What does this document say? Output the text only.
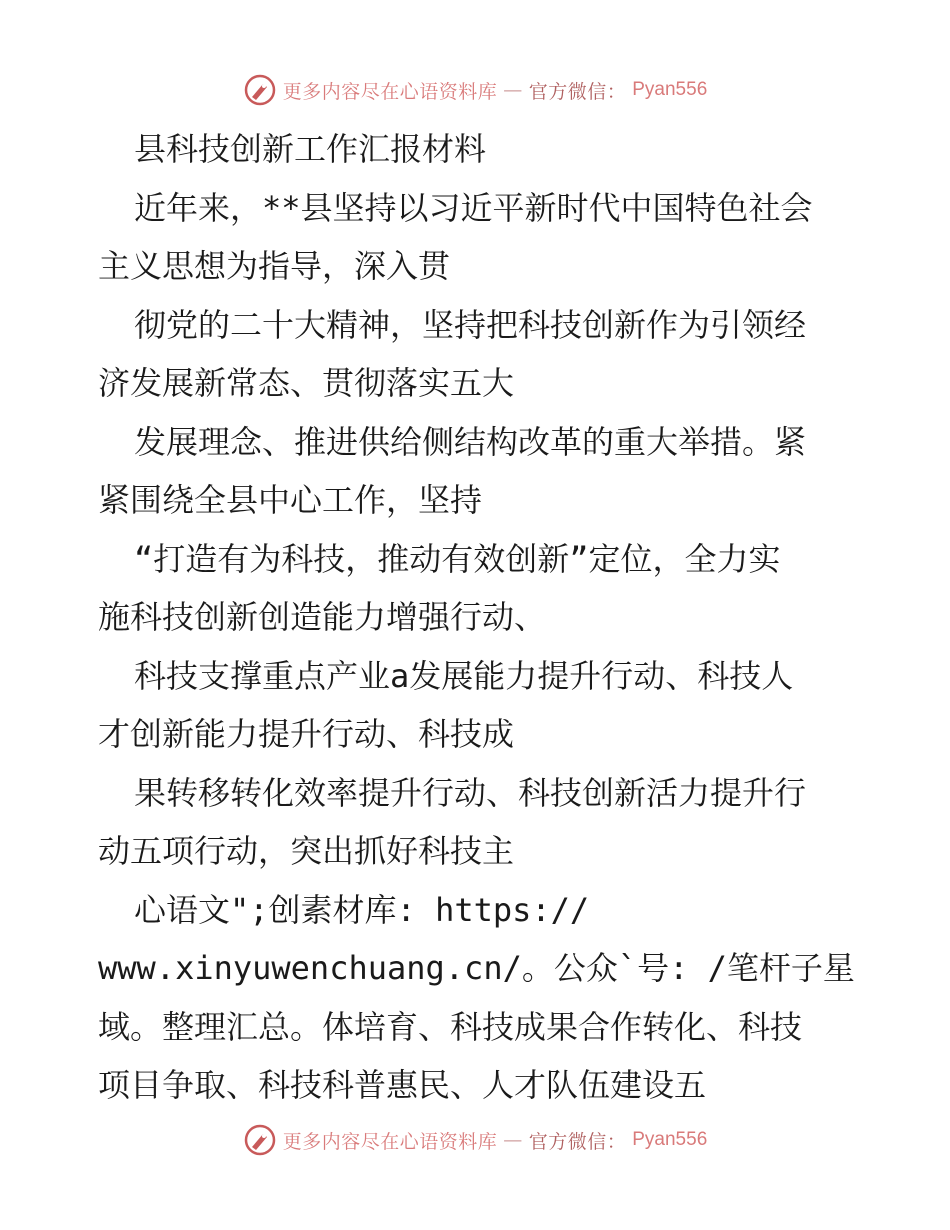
更多内容尽在心语资料库 — 官方微信： Pyan556
县科技创新工作汇报材料
近年来，**县坚持以习近平新时代中国特色社会
主义思想为指导，深入贯
彻党的二十大精神，坚持把科技创新作为引领经
济发展新常态、贯彻落实五大
发展理念、推进供给侧结构改革的重大举措。紧
紧围绕全县中心工作，坚持
“打造有为科技，推动有效创新”定位，全力实
施科技创新创造能力增强行动、
科技支撑重点产业a发展能力提升行动、科技人
才创新能力提升行动、科技成
果转移转化效率提升行动、科技创新活力提升行
动五项行动，突出抓好科技主
心语文";创素材库: https://
www.xinyuwenchuang.cn/。公众`号: /笔杆子星
域。整理汇总。体培育、科技成果合作转化、科技
项目争取、科技科普惠民、人才队伍建设五
更多内容尽在心语资料库 — 官方微信： Pyan556
